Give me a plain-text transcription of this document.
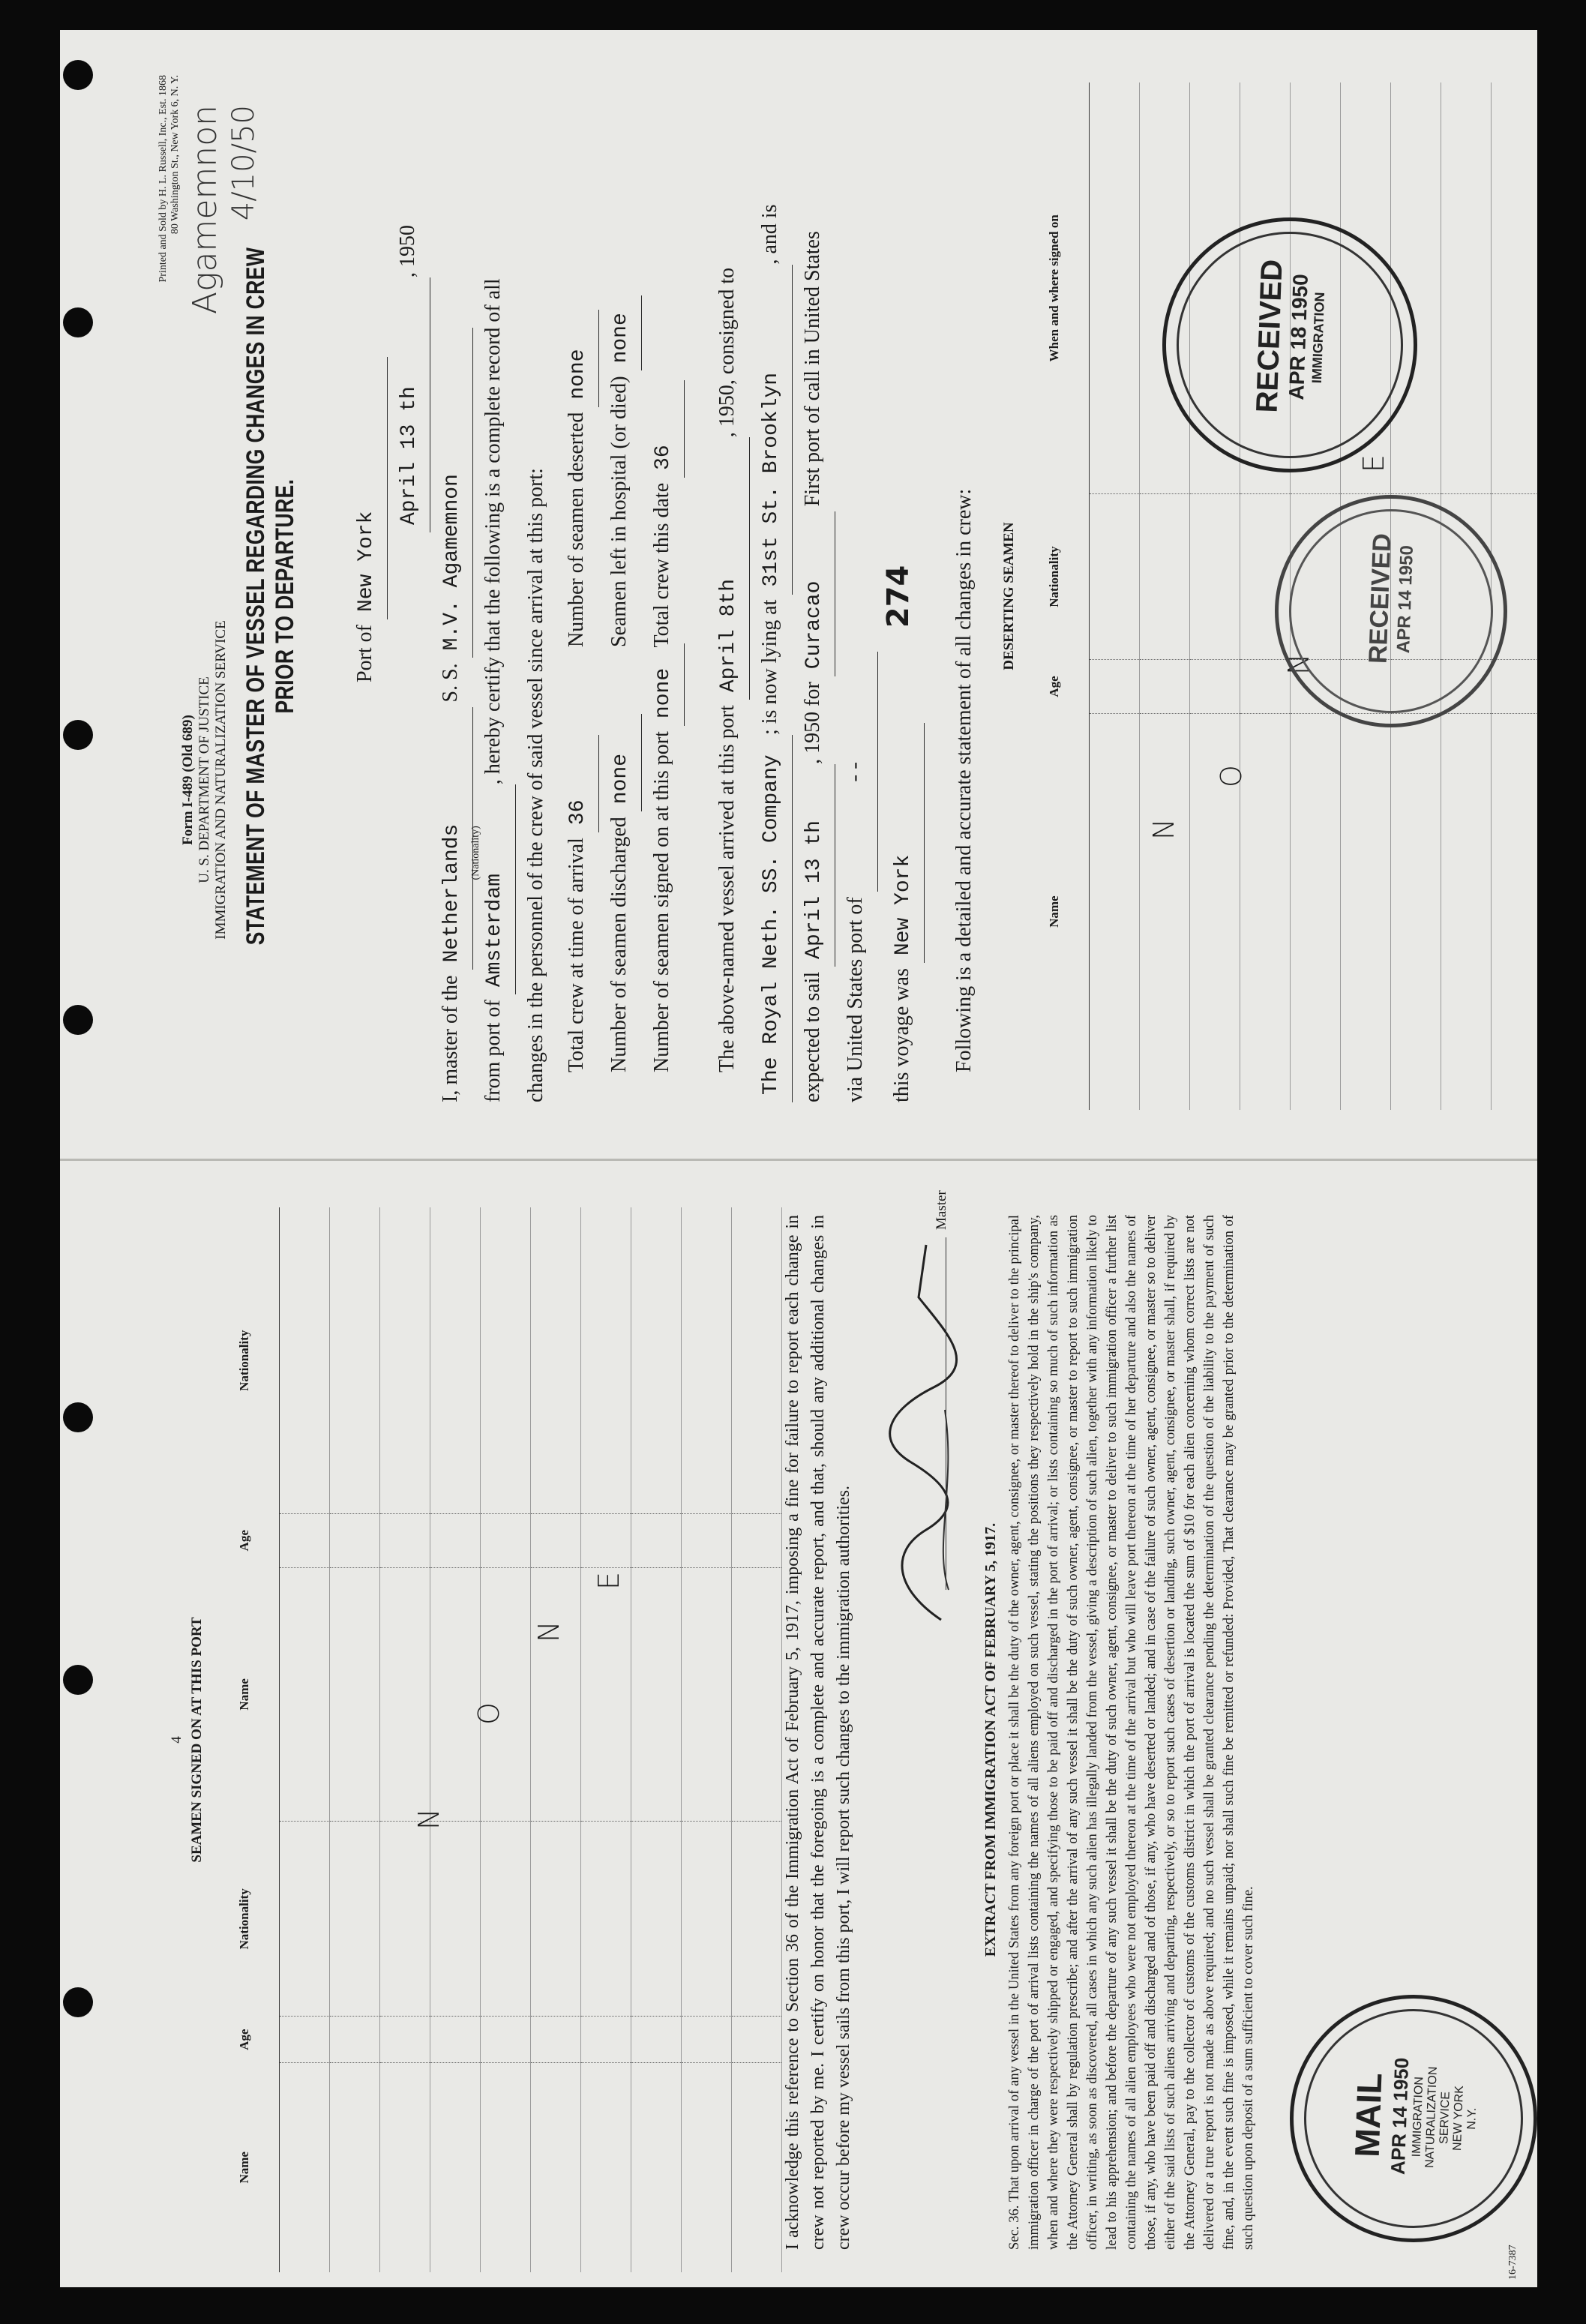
Printed and Sold by H. L. Russell, Inc., Est. 1868 80 Washington St., New York 6, N. Y. Agamemnon 4/10/50
Form I-489 (Old 689) U. S. DEPARTMENT OF JUSTICE IMMIGRATION AND NATURALIZATION SERVICE STATEMENT OF MASTER OF VESSEL REGARDING CHANGES IN CREW PRIOR TO DEPARTURE.	Port of New York
April 13 th, 1950
I, master of the Netherlands (Nationality)
S. S. M.V. Agamemnon
from port of Amsterdam, hereby certify that the following is a complete record of all changes in the personnel of the crew of said vessel since arrival at this port: Total crew at time of arrival 36 Number of seamen deserted none
Number of seamen discharged none Seamen left in hospital (or died) none
Number of seamen signed on at this port none Total crew this date 36
The above-named vessel arrived at this port April 8th, 1950, consigned to
The Royal Neth. SS. Company; is now lying at 31st St. Brooklyn, and is
expected to sail April 13 th, 1950 for Curacao First port of call in United States
via United States port of --
this voyage was New York 274	Following is a detailed and accurate statement of all changes in crew:	DESERTING SEAMEN
Name	Age	Nationality	When and where signed on

N
O
N
E
RECEIVED
APR 18 1950
IMMIGRATION
RECEIVED
APR 14 1950
4 SEAMEN SIGNED ON AT THIS PORT
Name	Age	Nationality	Name	Age	Nationality

N
O
N
E	I acknowledge this reference to Section 36 of the Immigration Act of February 5, 1917, imposing a fine for failure to report each change in crew not reported by me. I certify on honor that the foregoing is a complete and accurate report, and that, should any additional changes in crew occur before my vessel sails from this port, I will report such changes to the immigration authorities.
Master
EXTRACT FROM IMMIGRATION ACT OF FEBRUARY 5, 1917. Sec. 36. That upon arrival of any vessel in the United States from any foreign port or place it shall be the duty of the owner, agent, consignee, or master thereof to deliver to the principal immigration officer in charge of the port of arrival lists containing the names of all aliens employed on such vessel, stating the positions they respectively hold in the ship's company, when and where they were respectively shipped or engaged, and specifying those to be paid off and discharged in the port of arrival; or lists containing so much of such information as the Attorney General shall by regulation prescribe; and after the arrival of any such vessel it shall be the duty of such owner, agent, consignee, or master to report to such immigration officer, in writing, as soon as discovered, all cases in which any such alien has illegally landed from the vessel, giving a description of such alien, together with any information likely to lead to his apprehension; and before the departure of any such vessel it shall be the duty of such owner, agent, consignee, or master to deliver to such immigration officer a further list containing the names of all alien employees who were not employed thereon at the time of the arrival but who will leave port thereon at the time of her departure and also the names of those, if any, who have been paid off and discharged and of those, if any, who have deserted or landed; and in case of the failure of such owner, agent, consignee, or master so to deliver either of the said lists of such aliens arriving and departing, respectively, or so to report such cases of desertion or landing, such owner, agent, consignee, or master shall, if required by the Attorney General, pay to the collector of customs of the customs district in which the port of arrival is located the sum of $10 for each alien concerning whom correct lists are not delivered or a true report is not made as above required; and no such vessel shall be granted clearance pending the determination of the question of the liability to the payment of such fine, and, in the event such fine is imposed, while it remains unpaid; nor shall such fine be remitted or refunded: Provided, That clearance may be granted prior to the determination of such question upon deposit of a sum sufficient to cover such fine.
16-7387
MAIL
APR 14 1950
IMMIGRATION
NATURALIZATION
SERVICE
NEW YORK
N.Y.
